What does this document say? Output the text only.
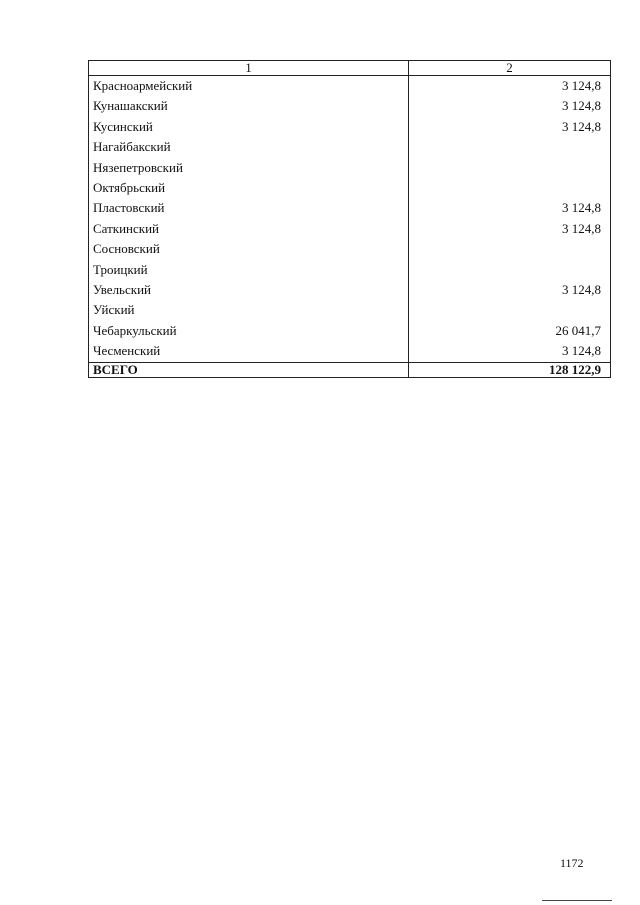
1	2
Красноармейский	3 124,8
Кунашакский	3 124,8
Кусинский	3 124,8
Нагайбакский	
Нязепетровский	
Октябрьский	
Пластовский	3 124,8
Саткинский	3 124,8
Сосновский	
Троицкий	
Увельский	3 124,8
Уйский	
Чебаркульский	26 041,7
Чесменский	3 124,8
ВСЕГО	128 122,9
1172
